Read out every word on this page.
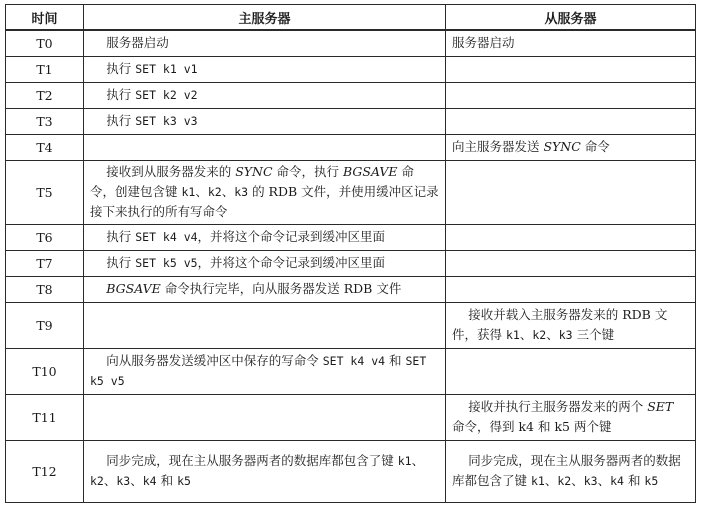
时间	主服务器	从服务器
T0	服务器启动	服务器启动
T1	执行 SET k1 v1	
T2	执行 SET k2 v2	
T3	执行 SET k3 v3	
T4		向主服务器发送 SYNC 命令
T5	接收到从服务器发来的 SYNC 命令，执行 BGSAVE 命令，创建包含键 k1、k2、k3 的 RDB 文件，并使用缓冲区记录接下来执行的所有写命令	
T6	执行 SET k4 v4，并将这个命令记录到缓冲区里面	
T7	执行 SET k5 v5，并将这个命令记录到缓冲区里面	
T8	BGSAVE 命令执行完毕，向从服务器发送 RDB 文件	
T9		接收并载入主服务器发来的 RDB 文件，获得 k1、k2、k3 三个键
T10	向从服务器发送缓冲区中保存的写命令 SET k4 v4 和 SET k5 v5	
T11		接收并执行主服务器发来的两个 SET 命令，得到 k4 和 k5 两个键
T12	同步完成，现在主从服务器两者的数据库都包含了键 k1、k2、k3、k4 和 k5	同步完成，现在主从服务器两者的数据库都包含了键 k1、k2、k3、k4 和 k5
